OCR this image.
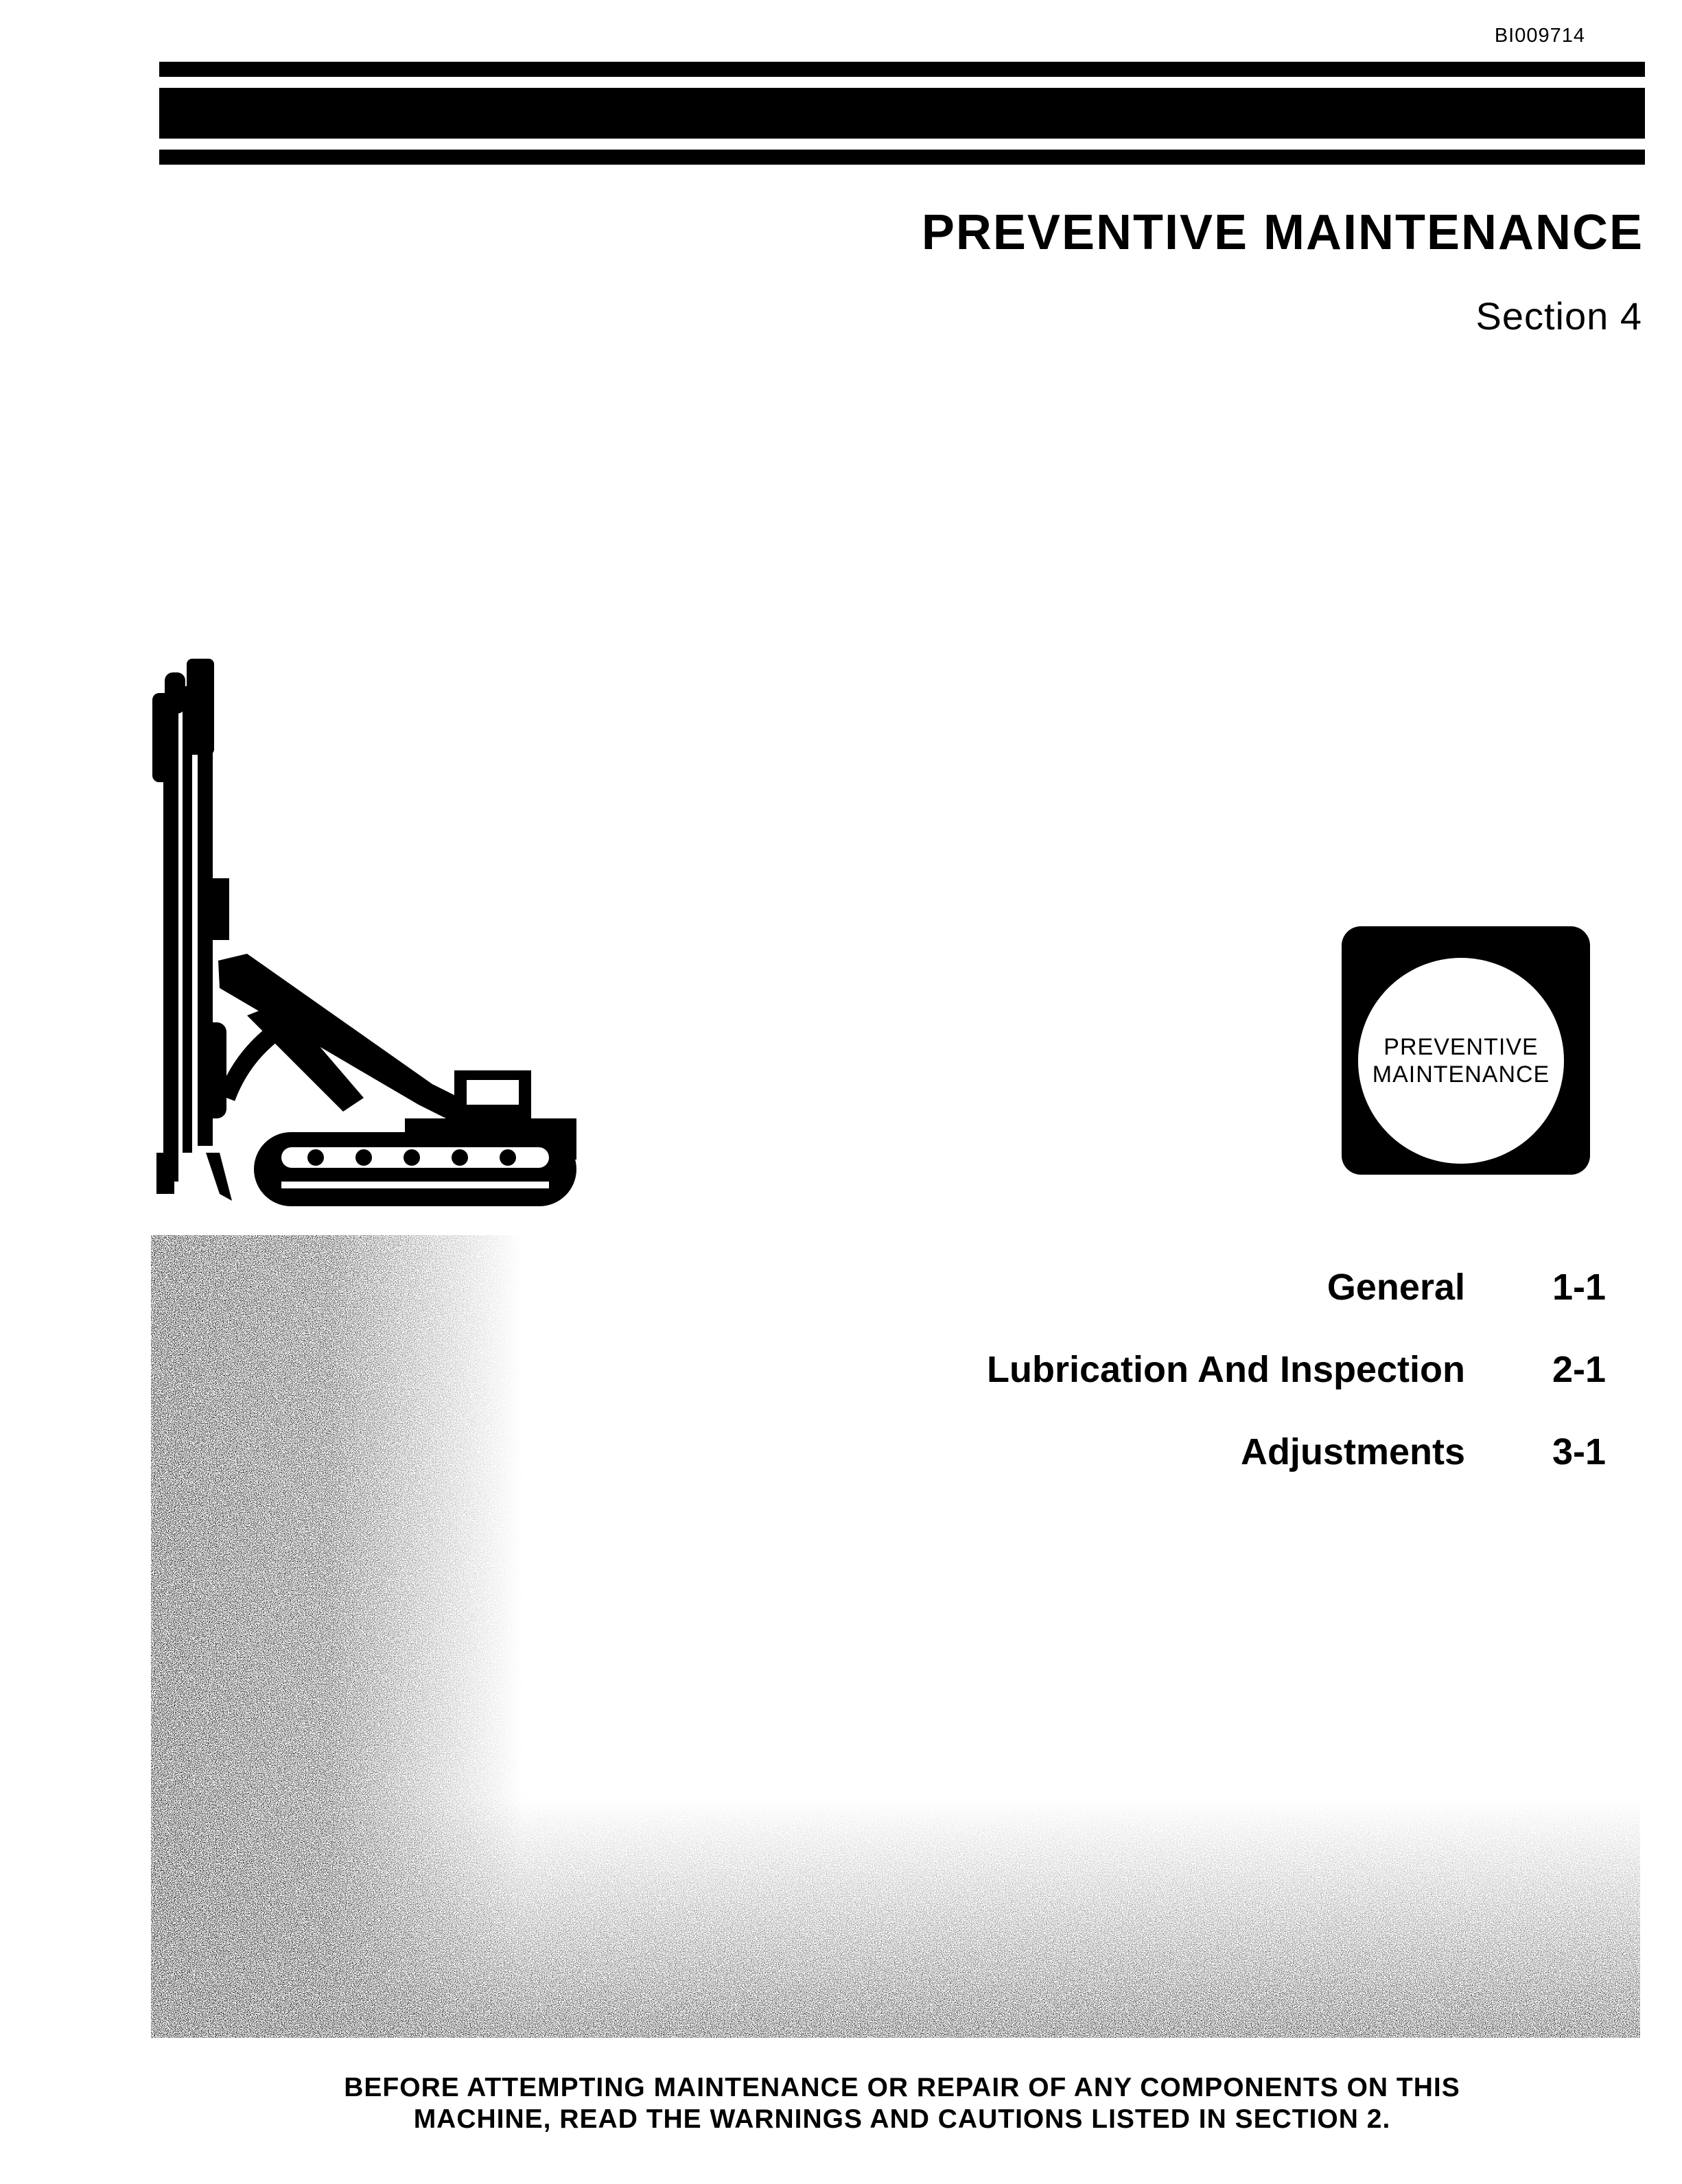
BI009714
PREVENTIVE MAINTENANCE
Section 4
PREVENTIVE
MAINTENANCE
General	1-1
Lubrication And Inspection	2-1
Adjustments	3-1
BEFORE ATTEMPTING MAINTENANCE OR REPAIR OF ANY COMPONENTS ON THIS
MACHINE, READ THE WARNINGS AND CAUTIONS LISTED IN SECTION 2.
